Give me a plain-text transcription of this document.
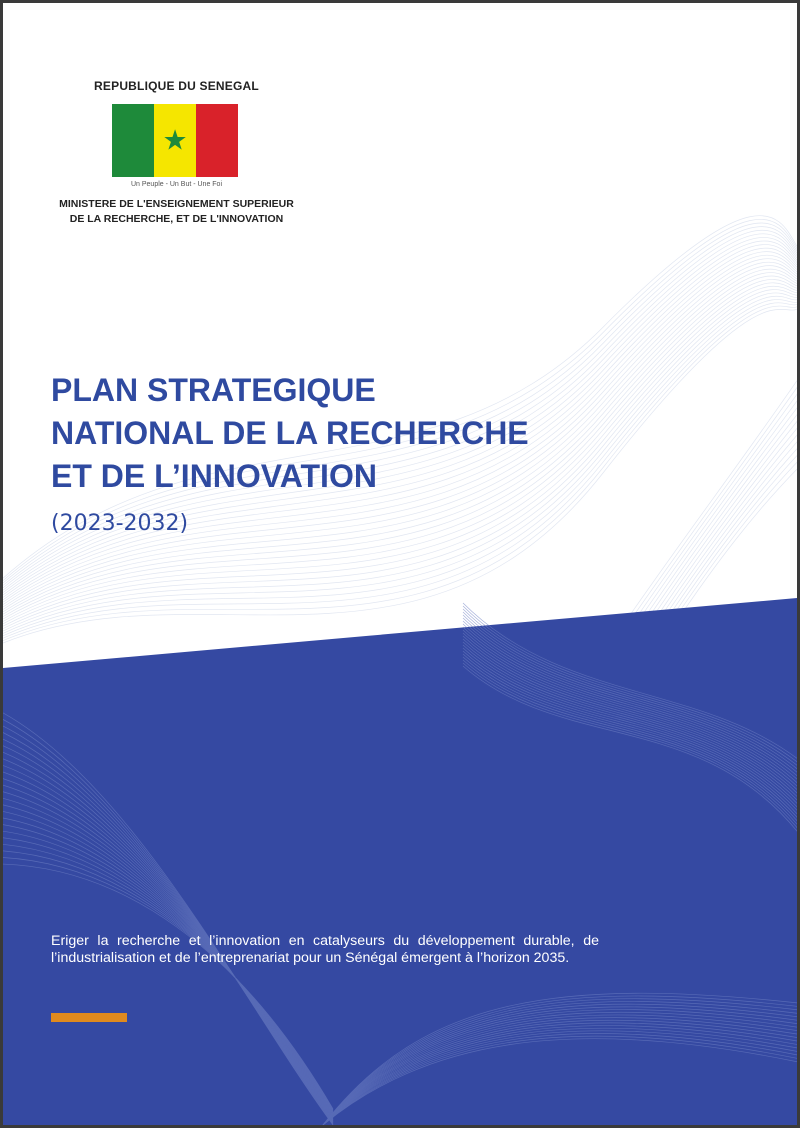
REPUBLIQUE DU SENEGAL
★
Un Peuple - Un But - Une Foi
MINISTERE DE L'ENSEIGNEMENT SUPERIEUR
DE LA RECHERCHE, ET DE L'INNOVATION
PLAN STRATEGIQUE
NATIONAL DE LA RECHERCHE
ET DE L’INNOVATION
(2023-2032)

Eriger la recherche et l’innovation en catalyseurs du développement durable, de l’industrialisation et de l’entreprenariat pour un Sénégal émergent à l’horizon 2035.
